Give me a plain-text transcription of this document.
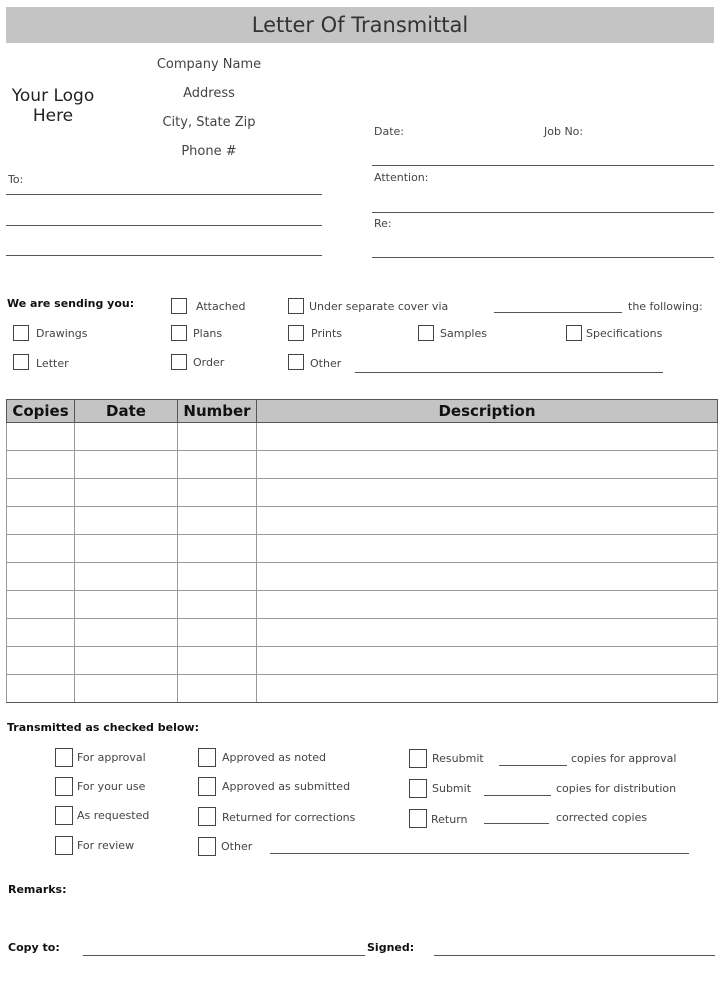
Letter Of Transmittal
Your Logo
Here
Company Name
Address
City, State Zip
Phone #
To:
Date:	Job No:
Attention:
Re:
We are sending you:	Attached	Under separate cover via	the following:
Drawings	Plans	Prints	Samples	Specifications
Letter	Order	Other
Copies	Date	Number	Description

Transmitted as checked below:
For approval
For your use
As requested
For review
Approved as noted
Approved as submitted
Returned for corrections
Other
Resubmit	copies for approval
Submit	copies for distribution
Return	corrected copies
Remarks:
Copy to:	Signed:
